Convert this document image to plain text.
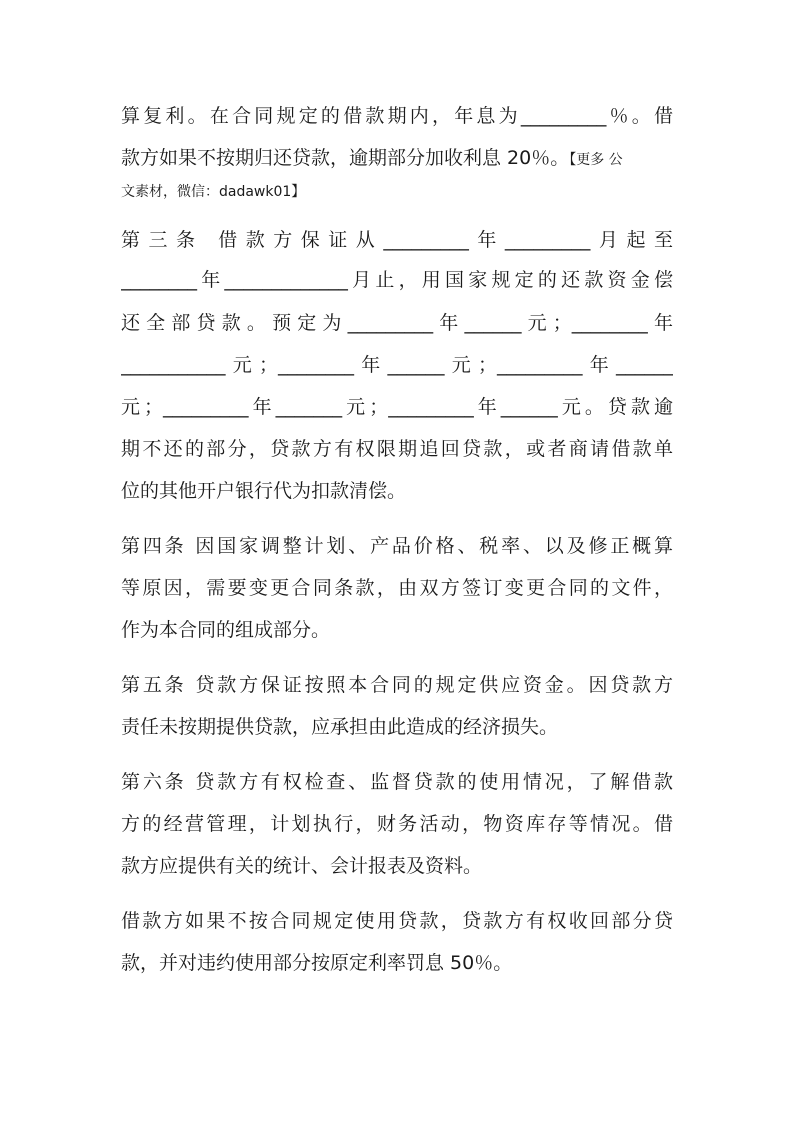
算复利。在合同规定的借款期内，年息为_________％。借
款方如果不按期归还贷款，逾期部分加收利息 20％。【更多 公
文素材，微信：dadawk01】
第三条 借款方保证从_________年_________月起至
________年_____________月止，用国家规定的还款资金偿
还全部贷款。预定为_________年______元；________年
___________元；________年______元；_________年______
元；_________年_______元；_________年______元。贷款逾
期不还的部分，贷款方有权限期追回贷款，或者商请借款单
位的其他开户银行代为扣款清偿。
第四条 因国家调整计划、产品价格、税率、以及修正概算
等原因，需要变更合同条款，由双方签订变更合同的文件，
作为本合同的组成部分。
第五条 贷款方保证按照本合同的规定供应资金。因贷款方
责任未按期提供贷款，应承担由此造成的经济损失。
第六条 贷款方有权检查、监督贷款的使用情况，了解借款
方的经营管理，计划执行，财务活动，物资库存等情况。借
款方应提供有关的统计、会计报表及资料。
借款方如果不按合同规定使用贷款，贷款方有权收回部分贷
款，并对违约使用部分按原定利率罚息 50％。
